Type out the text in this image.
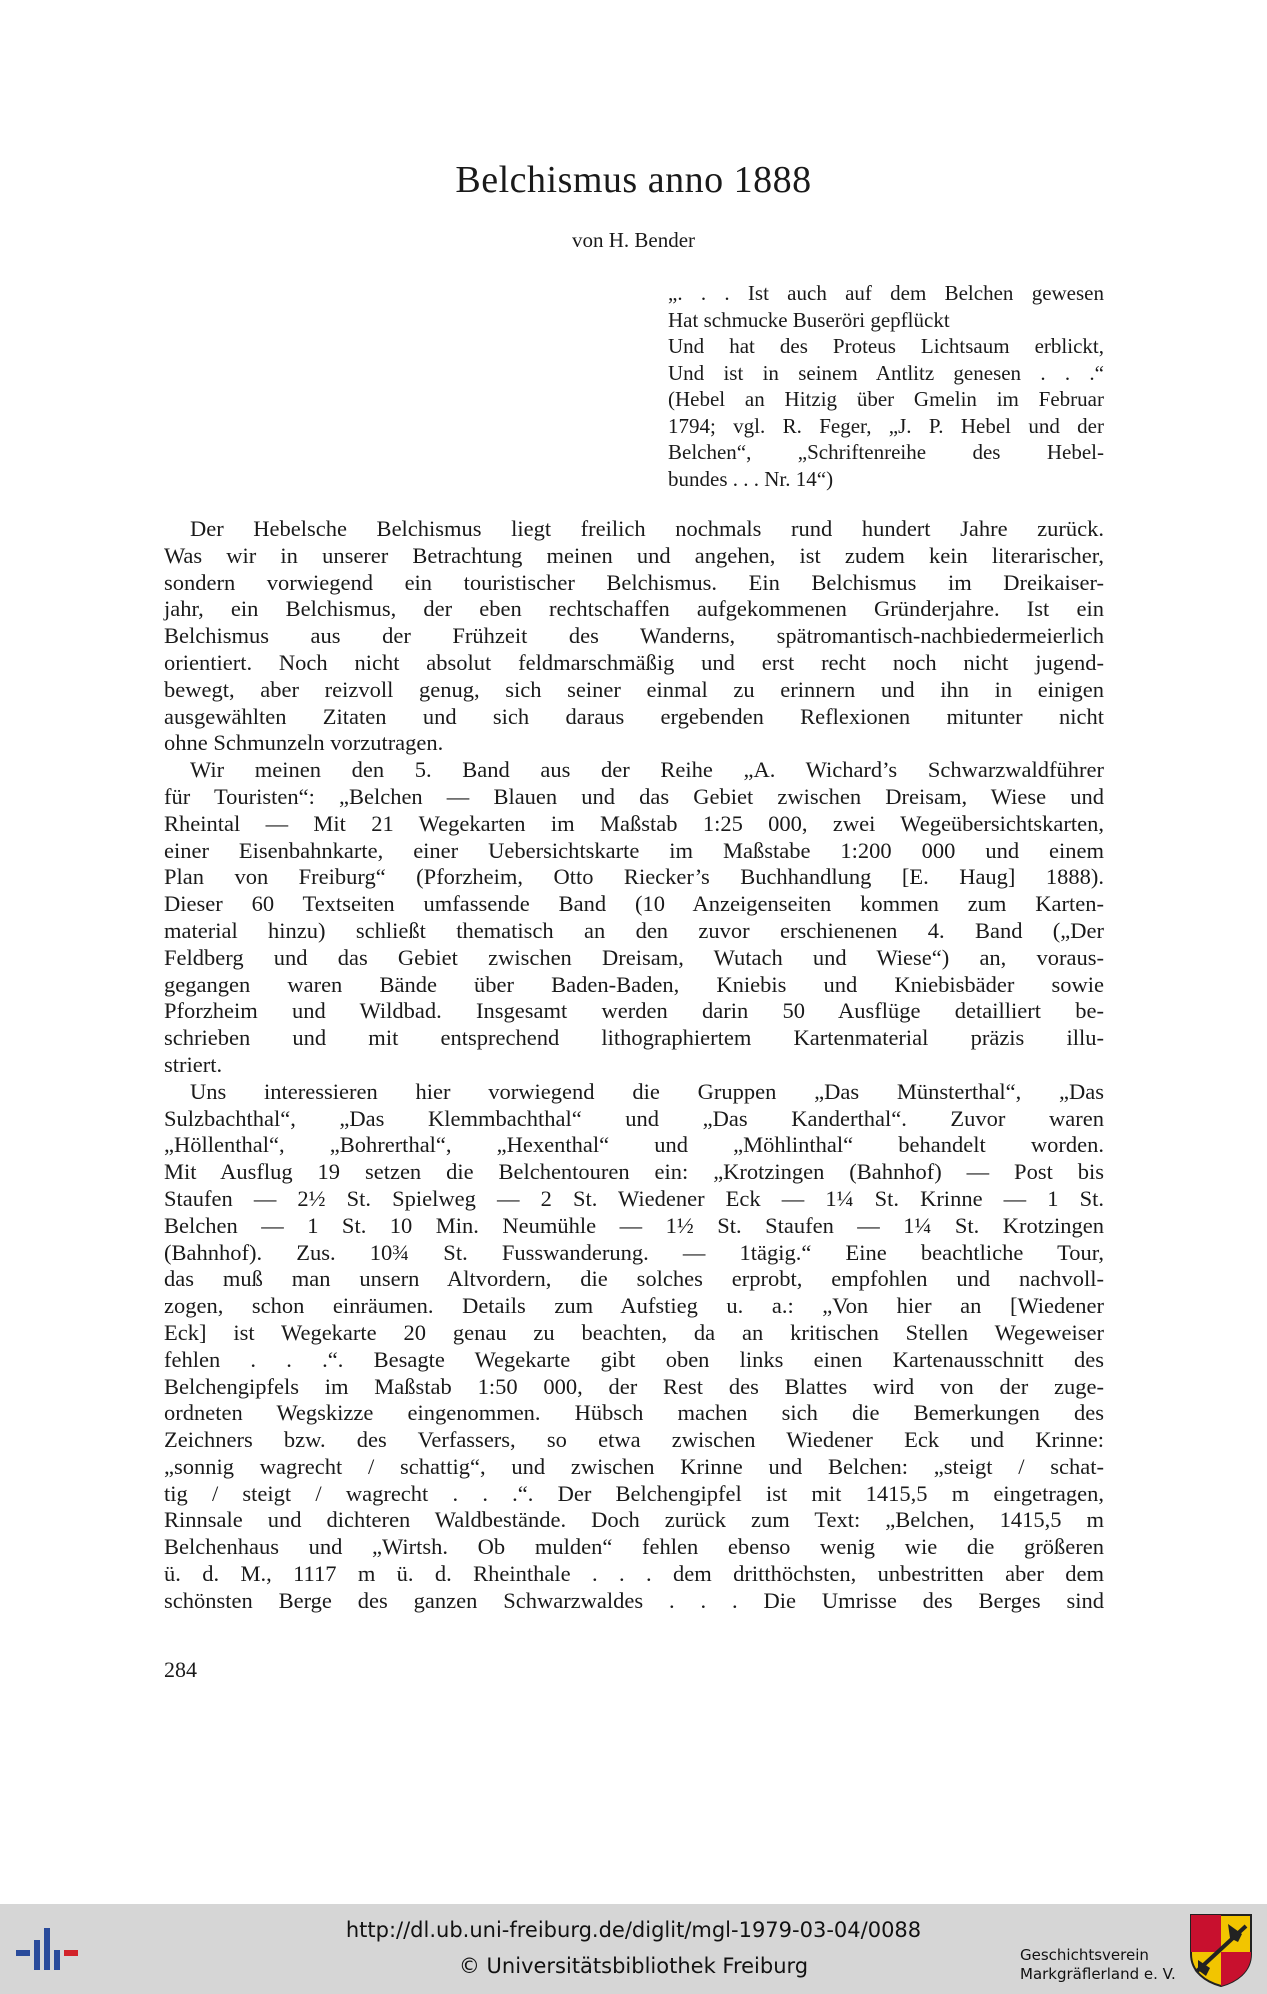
Belchismus anno 1888
von H. Bender
„. . . Ist auch auf dem Belchen gewesen
Hat schmucke Buseröri gepflückt
Und hat des Proteus Lichtsaum erblickt,
Und ist in seinem Antlitz genesen . . .“
(Hebel an Hitzig über Gmelin im Februar
1794; vgl. R. Feger, „J. P. Hebel und der
Belchen“, „Schriftenreihe des Hebel-
bundes . . . Nr. 14“)
Der Hebelsche Belchismus liegt freilich nochmals rund hundert Jahre zurück.
Was wir in unserer Betrachtung meinen und angehen, ist zudem kein literarischer,
sondern vorwiegend ein touristischer Belchismus. Ein Belchismus im Dreikaiser-
jahr, ein Belchismus, der eben rechtschaffen aufgekommenen Gründerjahre. Ist ein
Belchismus aus der Frühzeit des Wanderns, spätromantisch-nachbiedermeierlich
orientiert. Noch nicht absolut feldmarschmäßig und erst recht noch nicht jugend-
bewegt, aber reizvoll genug, sich seiner einmal zu erinnern und ihn in einigen
ausgewählten Zitaten und sich daraus ergebenden Reflexionen mitunter nicht
ohne Schmunzeln vorzutragen.
Wir meinen den 5. Band aus der Reihe „A. Wichard’s Schwarzwaldführer
für Touristen“: „Belchen — Blauen und das Gebiet zwischen Dreisam, Wiese und
Rheintal — Mit 21 Wegekarten im Maßstab 1:25 000, zwei Wegeübersichtskarten,
einer Eisenbahnkarte, einer Uebersichtskarte im Maßstabe 1:200 000 und einem
Plan von Freiburg“ (Pforzheim, Otto Riecker’s Buchhandlung [E. Haug] 1888).
Dieser 60 Textseiten umfassende Band (10 Anzeigenseiten kommen zum Karten-
material hinzu) schließt thematisch an den zuvor erschienenen 4. Band („Der
Feldberg und das Gebiet zwischen Dreisam, Wutach und Wiese“) an, voraus-
gegangen waren Bände über Baden-Baden, Kniebis und Kniebisbäder sowie
Pforzheim und Wildbad. Insgesamt werden darin 50 Ausflüge detailliert be-
schrieben und mit entsprechend lithographiertem Kartenmaterial präzis illu-
striert.
Uns interessieren hier vorwiegend die Gruppen „Das Münsterthal“, „Das
Sulzbachthal“, „Das Klemmbachthal“ und „Das Kanderthal“. Zuvor waren
„Höllenthal“, „Bohrerthal“, „Hexenthal“ und „Möhlinthal“ behandelt worden.
Mit Ausflug 19 setzen die Belchentouren ein: „Krotzingen (Bahnhof) — Post bis
Staufen — 2½ St. Spielweg — 2 St. Wiedener Eck — 1¼ St. Krinne — 1 St.
Belchen — 1 St. 10 Min. Neumühle — 1½ St. Staufen — 1¼ St. Krotzingen
(Bahnhof). Zus. 10¾ St. Fusswanderung. — 1tägig.“ Eine beachtliche Tour,
das muß man unsern Altvordern, die solches erprobt, empfohlen und nachvoll-
zogen, schon einräumen. Details zum Aufstieg u. a.: „Von hier an [Wiedener
Eck] ist Wegekarte 20 genau zu beachten, da an kritischen Stellen Wegeweiser
fehlen . . .“. Besagte Wegekarte gibt oben links einen Kartenausschnitt des
Belchengipfels im Maßstab 1:50 000, der Rest des Blattes wird von der zuge-
ordneten Wegskizze eingenommen. Hübsch machen sich die Bemerkungen des
Zeichners bzw. des Verfassers, so etwa zwischen Wiedener Eck und Krinne:
„sonnig wagrecht / schattig“, und zwischen Krinne und Belchen: „steigt / schat-
tig / steigt / wagrecht . . .“. Der Belchengipfel ist mit 1415,5 m eingetragen,
Rinnsale und dichteren Waldbestände. Doch zurück zum Text: „Belchen, 1415,5 m
Belchenhaus und „Wirtsh. Ob mulden“ fehlen ebenso wenig wie die größeren
ü. d. M., 1117 m ü. d. Rheinthale . . . dem dritthöchsten, unbestritten aber dem
schönsten Berge des ganzen Schwarzwaldes . . . Die Umrisse des Berges sind
284
http://dl.ub.uni-freiburg.de/diglit/mgl-1979-03-04/0088
© Universitätsbibliothek Freiburg	Geschichtsverein
Markgräflerland e. V.
